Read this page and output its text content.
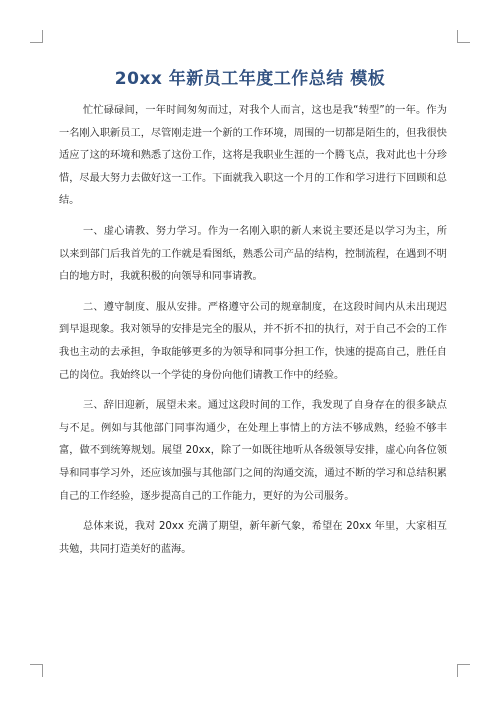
20xx 年新员工年度工作总结 模板

忙忙碌碌间，一年时间匆匆而过，对我个人而言，这也是我“转型”的一年。作为一名刚入职新员工，尽管刚走进一个新的工作环境，周围的一切都是陌生的，但我很快适应了这的环境和熟悉了这份工作，这将是我职业生涯的一个腾飞点，我对此也十分珍惜，尽最大努力去做好这一工作。下面就我入职这一个月的工作和学习进行下回顾和总结。

一、虚心请教、努力学习。作为一名刚入职的新人来说主要还是以学习为主，所以来到部门后我首先的工作就是看图纸，熟悉公司产品的结构，控制流程，在遇到不明白的地方时，我就积极的向领导和同事请教。

二、遵守制度、服从安排。严格遵守公司的规章制度，在这段时间内从未出现迟到早退现象。我对领导的安排是完全的服从，并不折不扣的执行，对于自己不会的工作我也主动的去承担，争取能够更多的为领导和同事分担工作，快速的提高自己，胜任自己的岗位。我始终以一个学徒的身份向他们请教工作中的经验。

三、辞旧迎新，展望未来。通过这段时间的工作，我发现了自身存在的很多缺点与不足。例如与其他部门同事沟通少，在处理上事情上的方法不够成熟，经验不够丰富，做不到统筹规划。展望 20xx，除了一如既往地听从各级领导安排，虚心向各位领导和同事学习外，还应该加强与其他部门之间的沟通交流，通过不断的学习和总结积累自己的工作经验，逐步提高自己的工作能力，更好的为公司服务。

总体来说，我对 20xx 充满了期望，新年新气象，希望在 20xx 年里，大家相互共勉，共同打造美好的蓝海。
